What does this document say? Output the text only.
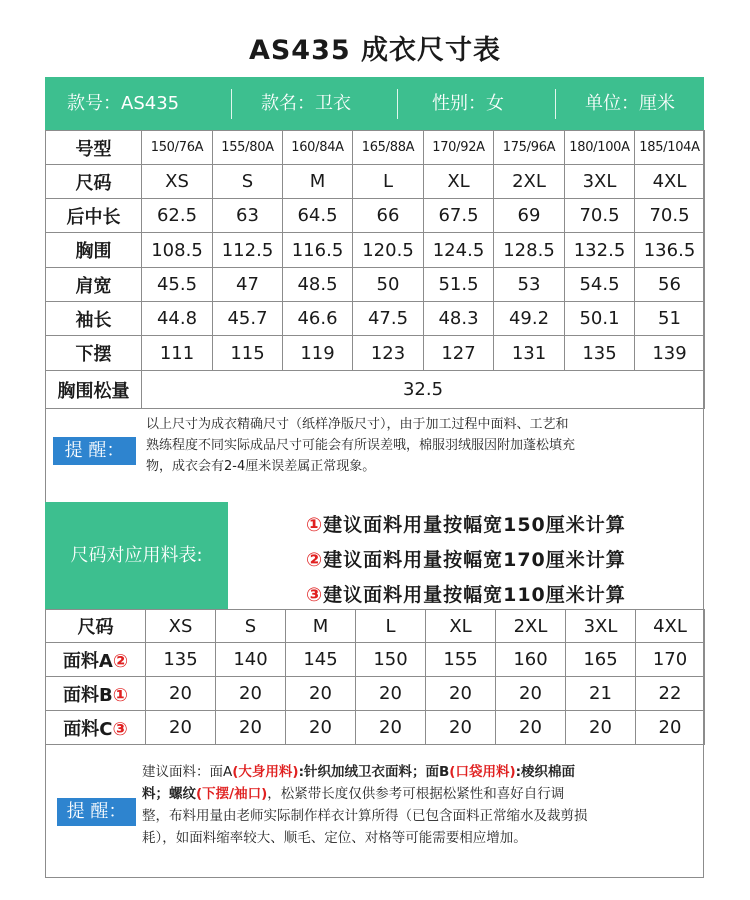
AS435 成衣尺寸表
款号：AS435	款名：卫衣	性别：女	单位：厘米
号型	150/76A	155/80A	160/84A	165/88A	170/92A	175/96A	180/100A	185/104A
尺码	XS	S	M	L	XL	2XL	3XL	4XL
后中长	62.5	63	64.5	66	67.5	69	70.5	70.5
胸围	108.5	112.5	116.5	120.5	124.5	128.5	132.5	136.5
肩宽	45.5	47	48.5	50	51.5	53	54.5	56
袖长	44.8	45.7	46.6	47.5	48.3	49.2	50.1	51
下摆	111	115	119	123	127	131	135	139
胸围松量	32.5							
提 醒：
以上尺寸为成衣精确尺寸（纸样净版尺寸），由于加工过程中面料、工艺和
熟练程度不同实际成品尺寸可能会有所误差哦，棉服羽绒服因附加蓬松填充
物，成衣会有2-4厘米误差属正常现象。
尺码对应用料表:
①建议面料用量按幅宽150厘米计算
②建议面料用量按幅宽170厘米计算
③建议面料用量按幅宽110厘米计算
尺码	XS	S	M	L	XL	2XL	3XL	4XL
面料A②	135	140	145	150	155	160	165	170
面料B①	20	20	20	20	20	20	21	22
面料C③	20	20	20	20	20	20	20	20
提 醒：
建议面料：面A(大身用料):针织加绒卫衣面料；面B(口袋用料):棱织棉面
料；螺纹(下摆/袖口)，松紧带长度仅供参考可根据松紧性和喜好自行调
整，布料用量由老师实际制作样衣计算所得（已包含面料正常缩水及裁剪损
耗），如面料缩率较大、顺毛、定位、对格等可能需要相应增加。
